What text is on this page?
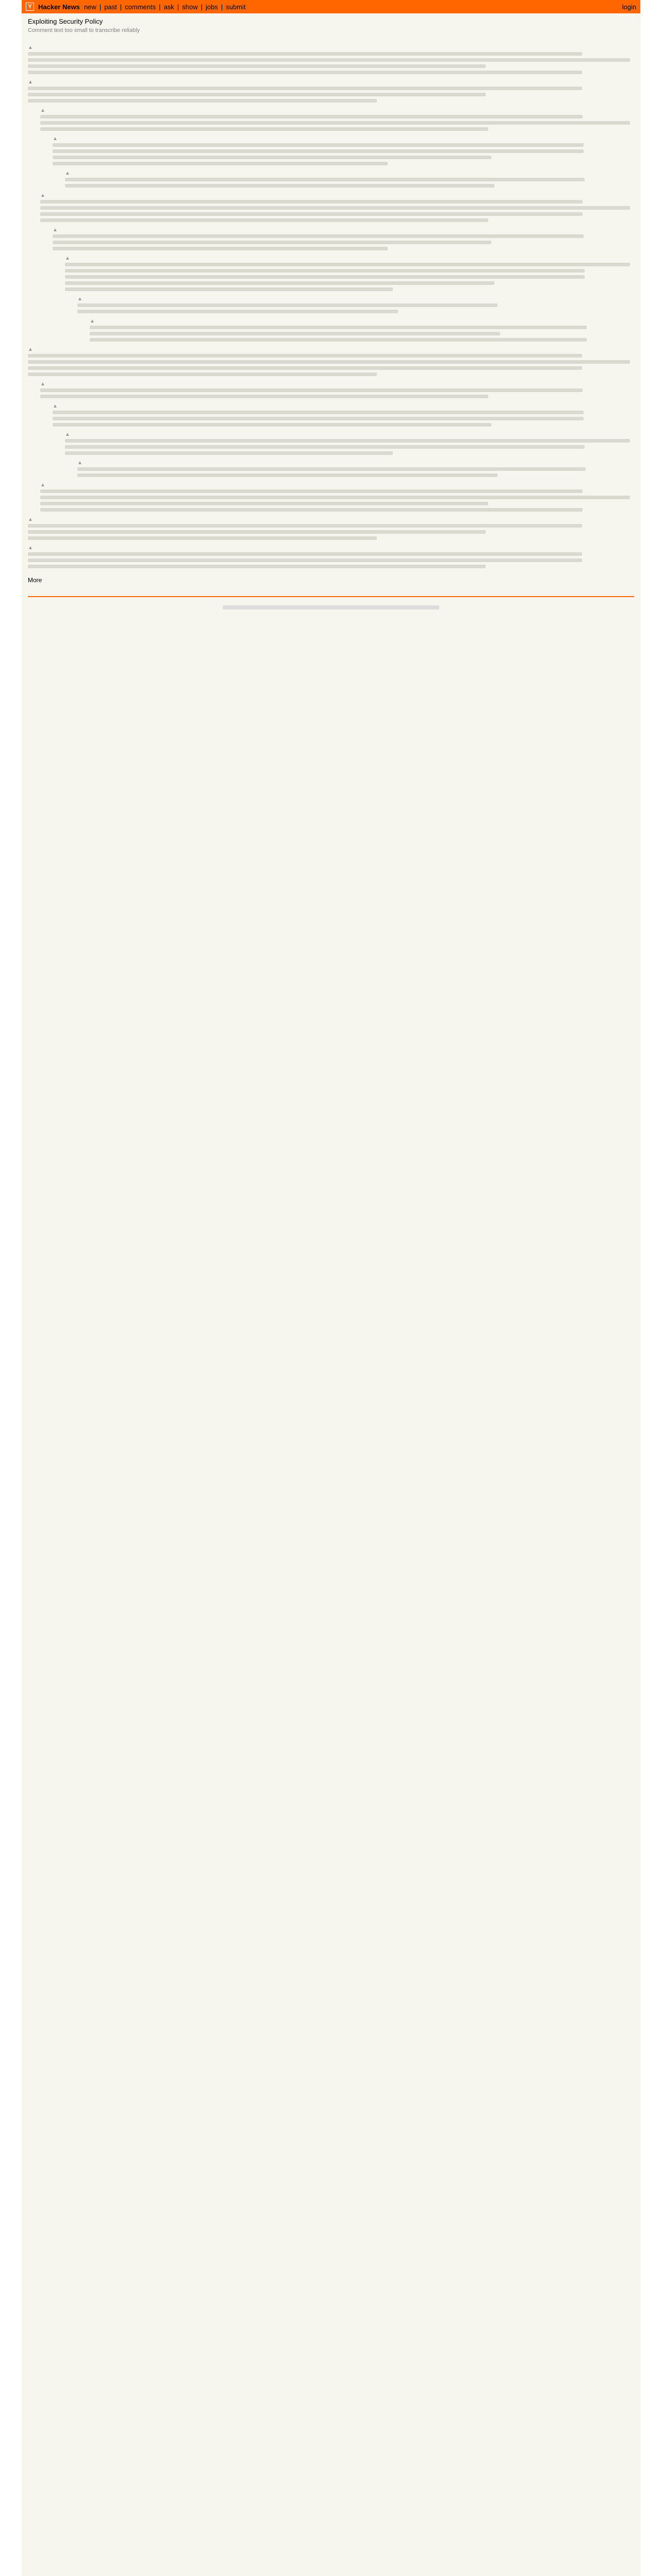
Y Hacker News new | past | comments | ask | show | jobs | submit	login
Exploiting Security Policy
Comment text too small to transcribe reliably
▲
▲
▲
▲
▲
▲
▲
▲
▲
▲
▲
▲
▲
▲
▲
▲
▲
▲
More
